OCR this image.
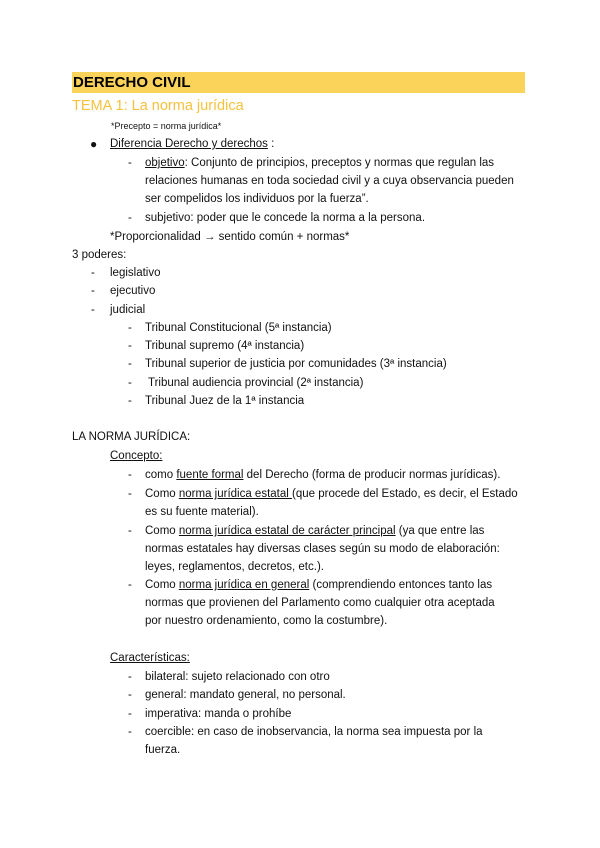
DERECHO CIVIL
TEMA 1: La norma jurídica
*Precepto = norma jurídica*
● Diferencia Derecho y derechos :
- objetivo: Conjunto de principios, preceptos y normas que regulan las
relaciones humanas en toda sociedad civil y a cuya observancia pueden
ser compelidos los individuos por la fuerza”.
- subjetivo: poder que le concede la norma a la persona.
*Proporcionalidad → sentido común + normas*
3 poderes:
- legislativo
- ejecutivo
- judicial
- Tribunal Constitucional (5ª instancia)
- Tribunal supremo (4ª instancia)
- Tribunal superior de justicia por comunidades (3ª instancia)
- Tribunal audiencia provincial (2ª instancia)
- Tribunal Juez de la 1ª instancia
LA NORMA JURÍDICA:
Concepto:
- como fuente formal del Derecho (forma de producir normas jurídicas).
- Como norma jurídica estatal (que procede del Estado, es decir, el Estado
es su fuente material).
- Como norma jurídica estatal de carácter principal (ya que entre las
normas estatales hay diversas clases según su modo de elaboración:
leyes, reglamentos, decretos, etc.).
- Como norma jurídica en general (comprendiendo entonces tanto las
normas que provienen del Parlamento como cualquier otra aceptada
por nuestro ordenamiento, como la costumbre).
Características:
- bilateral: sujeto relacionado con otro
- general: mandato general, no personal.
- imperativa: manda o prohíbe
- coercible: en caso de inobservancia, la norma sea impuesta por la
fuerza.
